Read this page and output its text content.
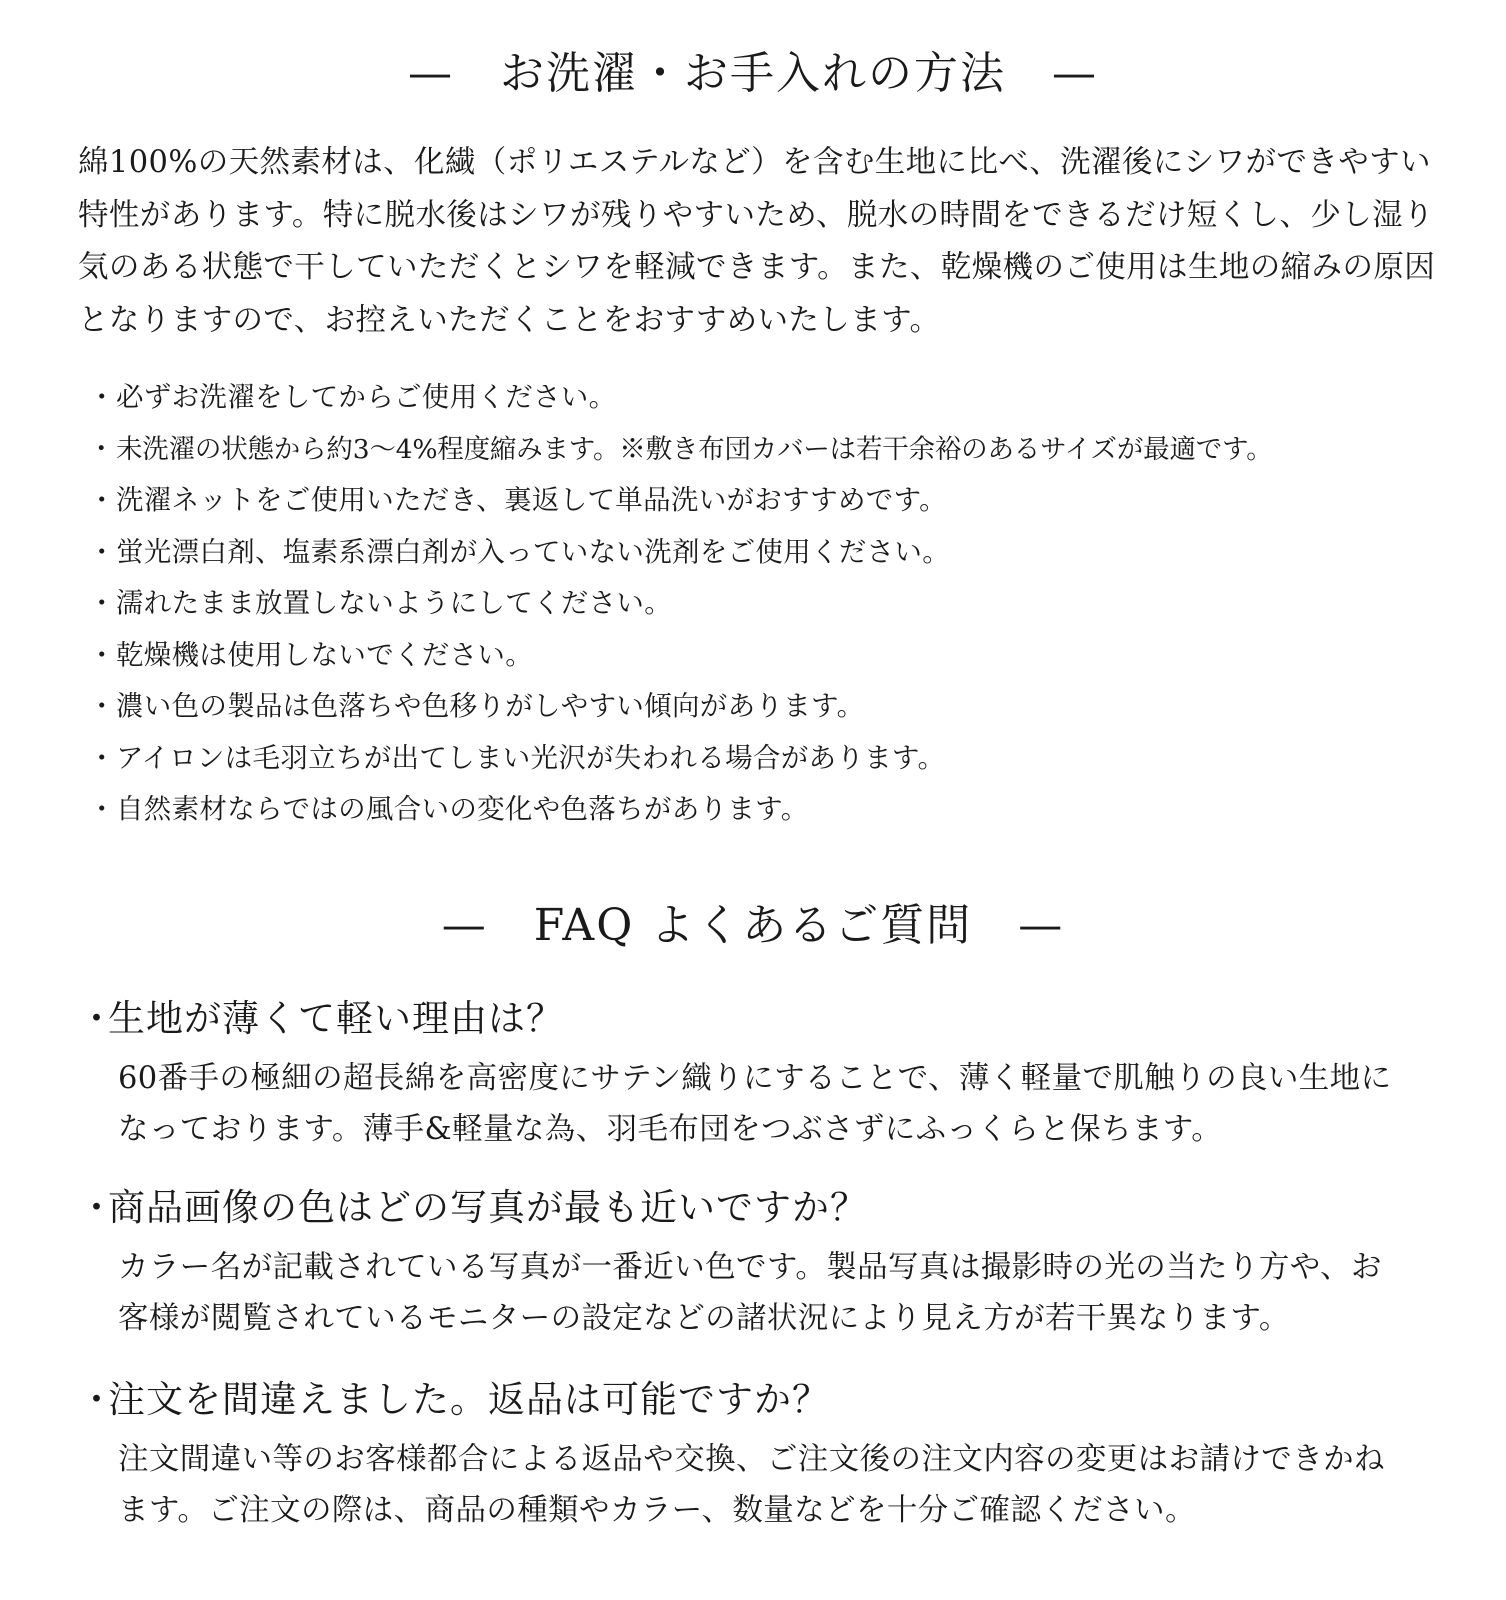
— お洗濯・お手入れの方法 —

綿100%の天然素材は、化繊（ポリエステルなど）を含む生地に比べ、洗濯後にシワができやすい特性があります。特に脱水後はシワが残りやすいため、脱水の時間をできるだけ短くし、少し湿り気のある状態で干していただくとシワを軽減できます。また、乾燥機のご使用は生地の縮みの原因となりますので、お控えいただくことをおすすめいたします。

・ 必ずお洗濯をしてからご使用ください。
・ 未洗濯の状態から約3～4%程度縮みます。※敷き布団カバーは若干余裕のあるサイズが最適です。
・ 洗濯ネットをご使用いただき、裏返して単品洗いがおすすめです。
・ 蛍光漂白剤、塩素系漂白剤が入っていない洗剤をご使用ください。
・ 濡れたまま放置しないようにしてください。
・ 乾燥機は使用しないでください。
・ 濃い色の製品は色落ちや色移りがしやすい傾向があります。
・ アイロンは毛羽立ちが出てしまい光沢が失われる場合があります。
・ 自然素材ならではの風合いの変化や色落ちがあります。
— FAQ よくあるご質問 —
・
生地が薄くて軽い理由は？
60番手の極細の超長綿を高密度にサテン織りにすることで、薄く軽量で肌触りの良い生地になっております。薄手&軽量な為、羽毛布団をつぶさずにふっくらと保ちます。
・
商品画像の色はどの写真が最も近いですか？
カラー名が記載されている写真が一番近い色です。製品写真は撮影時の光の当たり方や、お客様が閲覧されているモニターの設定などの諸状況により見え方が若干異なります。
・
注文を間違えました。返品は可能ですか？
注文間違い等のお客様都合による返品や交換、ご注文後の注文内容の変更はお請けできかねます。ご注文の際は、商品の種類やカラー、数量などを十分ご確認ください。
